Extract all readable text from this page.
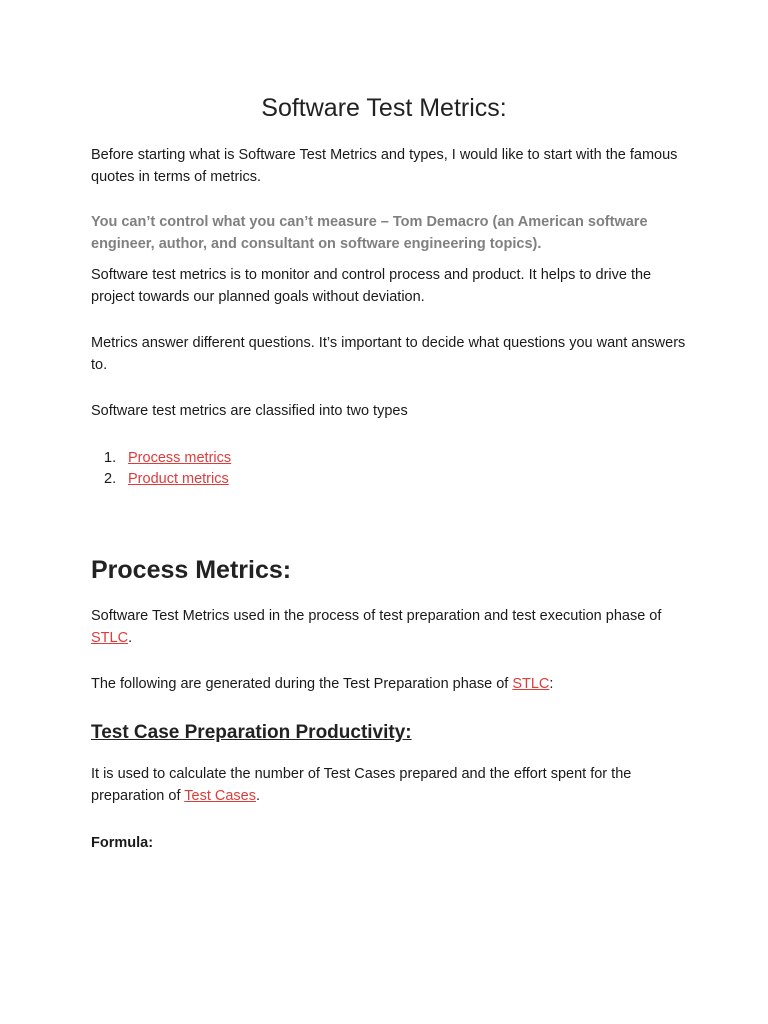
Software Test Metrics:

Before starting what is Software Test Metrics and types, I would like to start with the famous quotes in terms of metrics.

You can’t control what you can’t measure – Tom Demacro (an American software engineer, author, and consultant on software engineering topics).

Software test metrics is to monitor and control process and product. It helps to drive the project towards our planned goals without deviation.

Metrics answer different questions. It’s important to decide what questions you want answers to.

Software test metrics are classified into two types

1. Process metrics
2. Product metrics
Process Metrics:

Software Test Metrics used in the process of test preparation and test execution phase of STLC.

The following are generated during the Test Preparation phase of STLC:

Test Case Preparation Productivity:

It is used to calculate the number of Test Cases prepared and the effort spent for the preparation of Test Cases.

Formula:
